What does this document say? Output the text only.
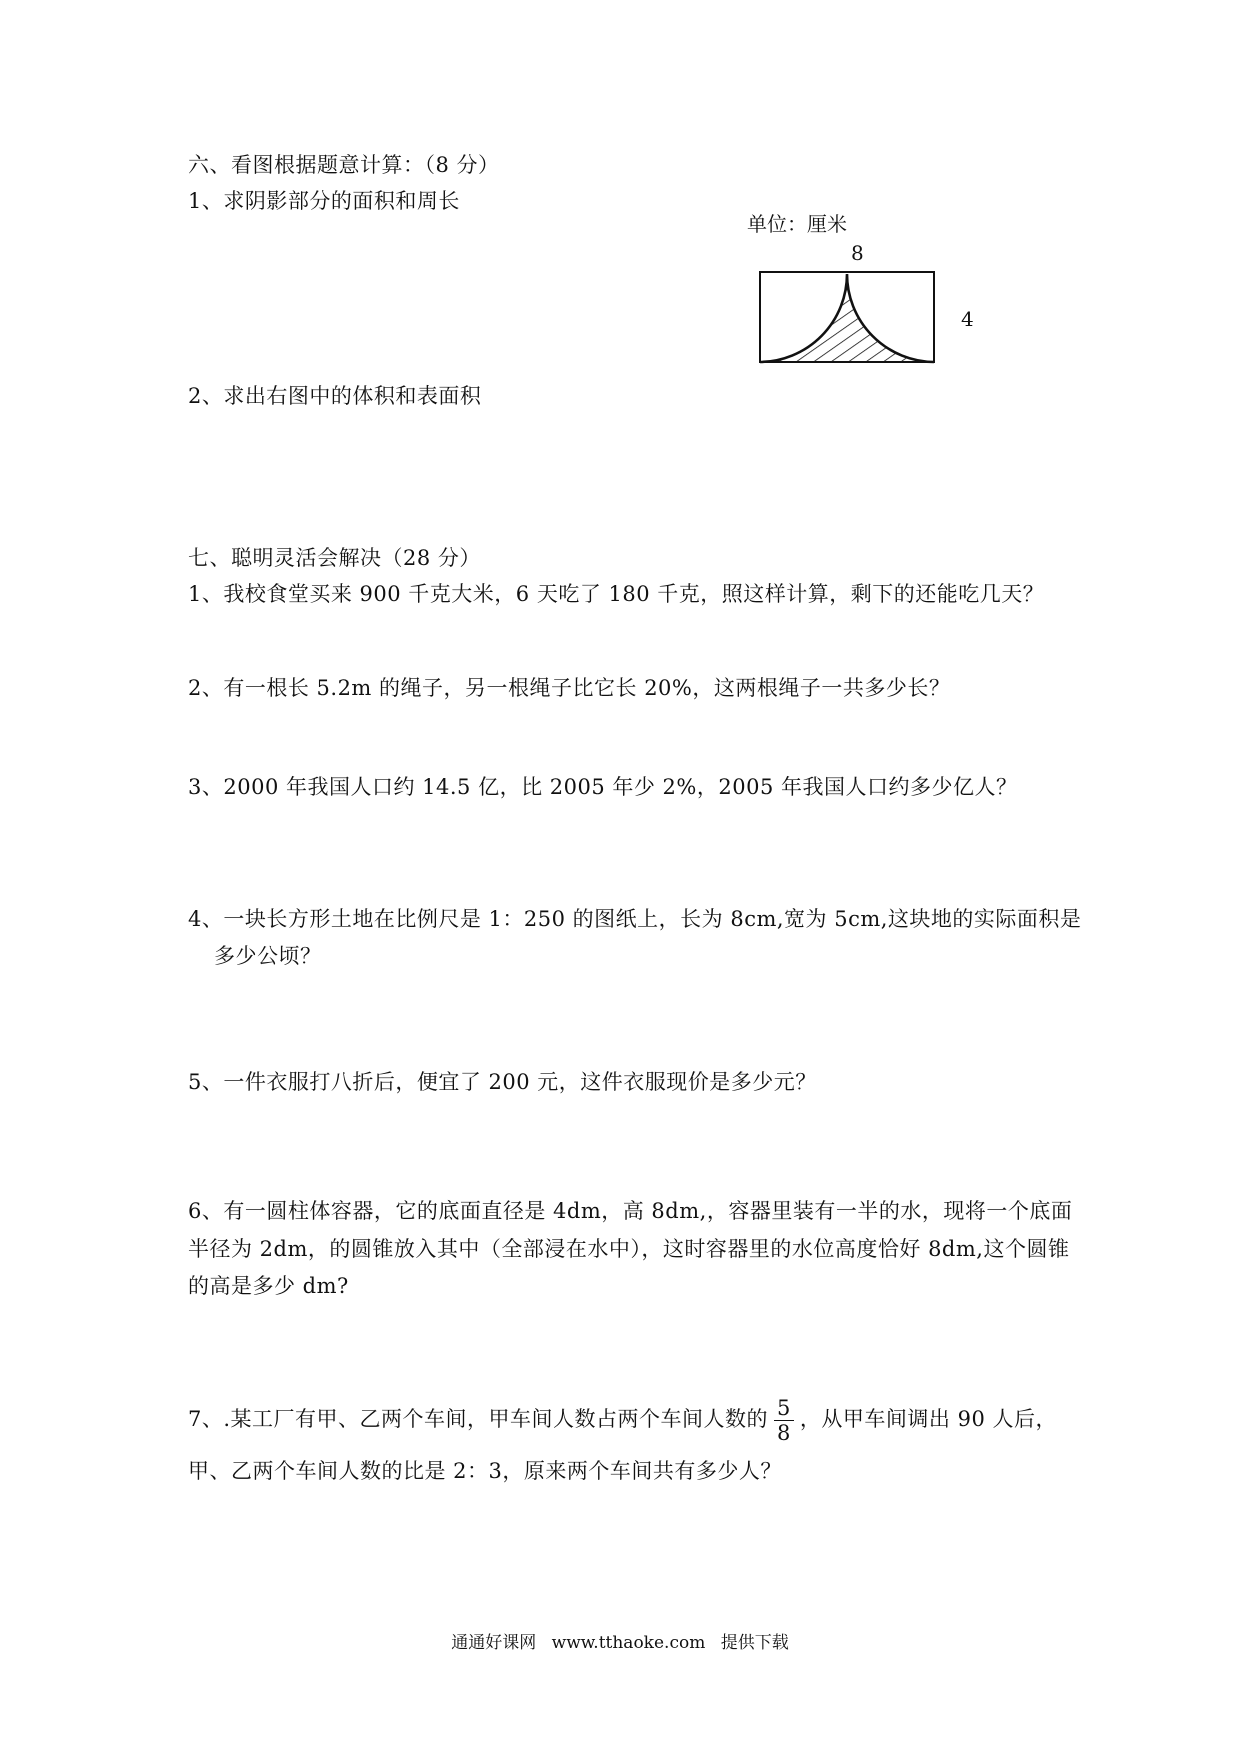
六、看图根据题意计算：（8 分）
1、求阴影部分的面积和周长
单位：厘米
8
4
2、求出右图中的体积和表面积
七、聪明灵活会解决（28 分）
1、我校食堂买来 900 千克大米，6 天吃了 180 千克，照这样计算，剩下的还能吃几天？
2、有一根长 5.2m 的绳子，另一根绳子比它长 20%，这两根绳子一共多少长？
3、2000 年我国人口约 14.5 亿，比 2005 年少 2%，2005 年我国人口约多少亿人？
4、一块长方形土地在比例尺是 1：250 的图纸上，长为 8cm,宽为 5cm,这块地的实际面积是
多少公顷？
5、一件衣服打八折后，便宜了 200 元，这件衣服现价是多少元？
6、有一圆柱体容器，它的底面直径是 4dm，高 8dm,，容器里装有一半的水，现将一个底面
半径为 2dm，的圆锥放入其中（全部浸在水中），这时容器里的水位高度恰好 8dm,这个圆锥
的高是多少 dm?
7、.某工厂有甲、乙两个车间，甲车间人数占两个车间人数的 $\frac{5}{8}$ ，从甲车间调出 90 人后，
甲、乙两个车间人数的比是 2：3，原来两个车间共有多少人？
通通好课网 www.tthaoke.com 提供下载
